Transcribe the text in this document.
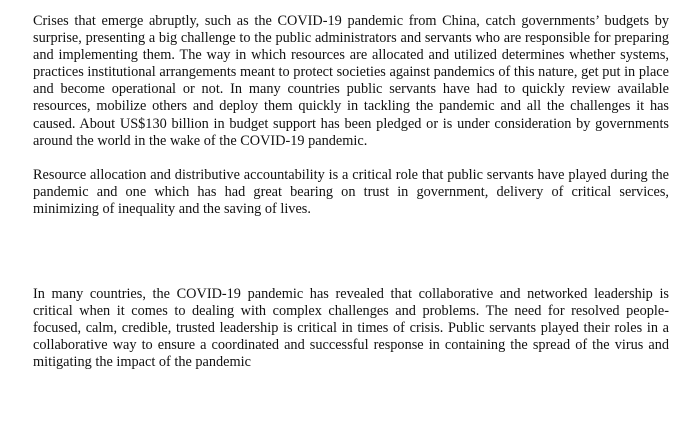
Crises that emerge abruptly, such as the COVID-19 pandemic from China, catch governments’ budgets by surprise, presenting a big challenge to the public administrators and servants who are responsible for preparing and implementing them. The way in which resources are allocated and utilized determines whether systems, practices institutional arrangements meant to protect societies against pandemics of this nature, get put in place and become operational or not. In many countries public servants have had to quickly review available resources, mobilize others and deploy them quickly in tackling the pandemic and all the challenges it has caused. About US$130 billion in budget support has been pledged or is under consideration by governments around the world in the wake of the COVID-19 pandemic.

Resource allocation and distributive accountability is a critical role that public servants have played during the pandemic and one which has had great bearing on trust in government, delivery of critical services, minimizing of inequality and the saving of lives.

In many countries, the COVID-19 pandemic has revealed that collaborative and networked leadership is critical when it comes to dealing with complex challenges and problems. The need for resolved people-focused, calm, credible, trusted leadership is critical in times of crisis. Public servants played their roles in a collaborative way to ensure a coordinated and successful response in containing the spread of the virus and mitigating the impact of the pandemic
